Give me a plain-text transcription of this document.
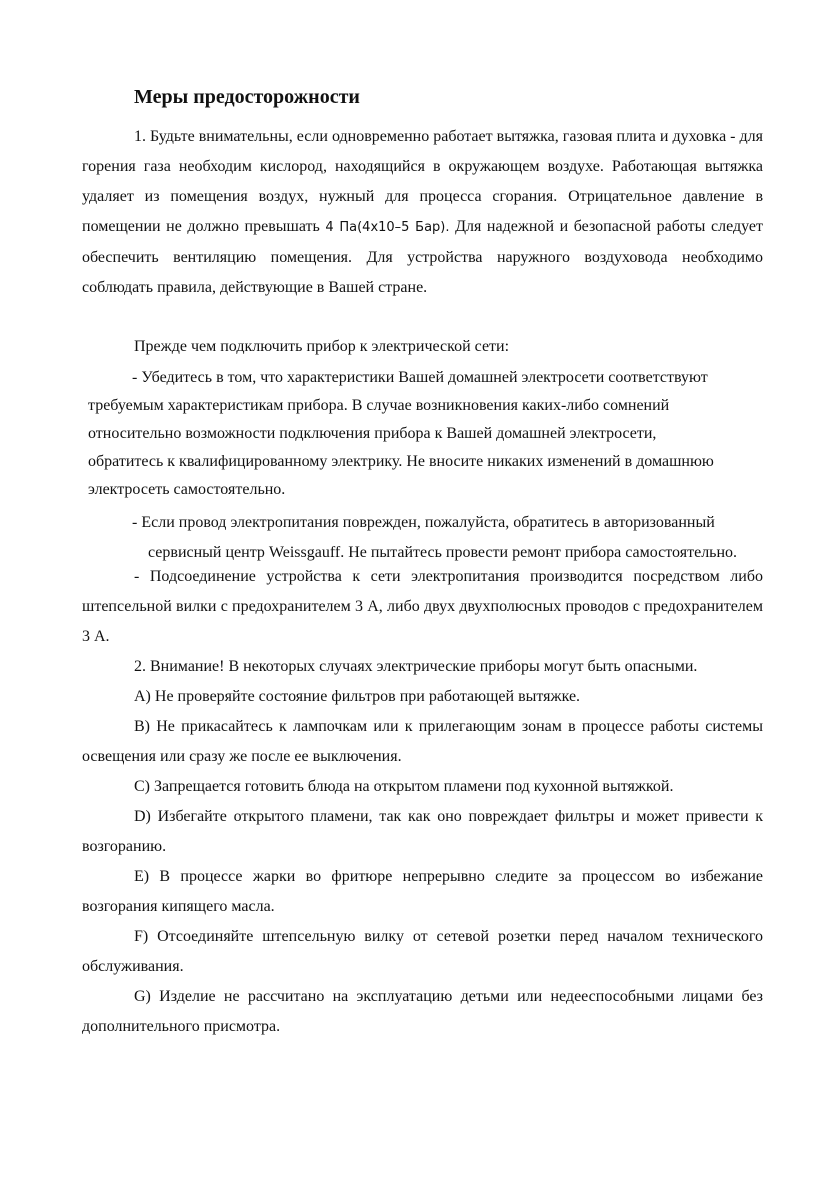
Меры предосторожности

1. Будьте внимательны, если одновременно работает вытяжка, газовая плита и духовка - для горения газа необходим кислород, находящийся в окружающем воздухе. Работающая вытяжка удаляет из помещения воздух, нужный для процесса сгорания. Отрицательное давление в помещении не должно превышать 4 Па(4x10–5 Бар). Для надежной и безопасной работы следует обеспечить вентиляцию помещения. Для устройства наружного воздуховода необходимо соблюдать правила, действующие в Вашей стране.

Прежде чем подключить прибор к электрической сети:

- Убедитесь в том, что характеристики Вашей домашней электросети соответствуют
требуемым характеристикам прибора. В случае возникновения каких-либо сомнений
относительно возможности подключения прибора к Вашей домашней электросети,
обратитесь к квалифицированному электрику. Не вносите никаких изменений в домашнюю
электросеть самостоятельно.
- Если провод электропитания поврежден, пожалуйста, обратитесь в авторизованный
сервисный центр Weissgauff. Не пытайтесь провести ремонт прибора самостоятельно.

- Подсоединение устройства к сети электропитания производится посредством либо штепсельной вилки с предохранителем 3 А, либо двух двухполюсных проводов с предохранителем 3 А.

2. Внимание! В некоторых случаях электрические приборы могут быть опасными.

A) Не проверяйте состояние фильтров при работающей вытяжке.

B) Не прикасайтесь к лампочкам или к прилегающим зонам в процессе работы системы освещения или сразу же после ее выключения.

C) Запрещается готовить блюда на открытом пламени под кухонной вытяжкой.

D) Избегайте открытого пламени, так как оно повреждает фильтры и может привести к возгоранию.

E) В процессе жарки во фритюре непрерывно следите за процессом во избежание возгорания кипящего масла.

F) Отсоединяйте штепсельную вилку от сетевой розетки перед началом технического обслуживания.

G) Изделие не рассчитано на эксплуатацию детьми или недееспособными лицами без дополнительного присмотра.
